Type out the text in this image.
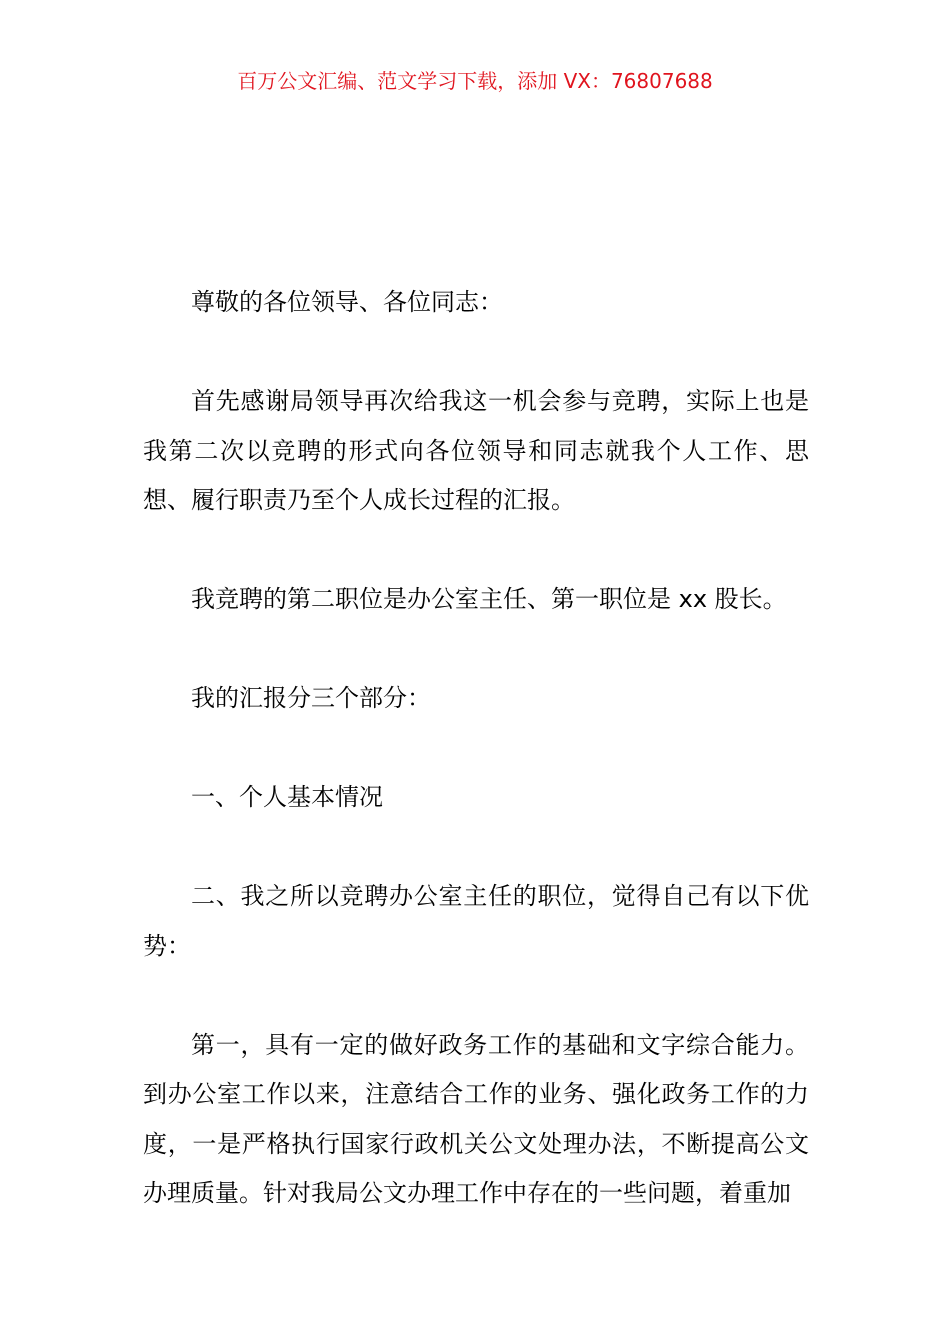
百万公文汇编、范文学习下载，添加 VX：76807688

尊敬的各位领导、各位同志：

首先感谢局领导再次给我这一机会参与竞聘，实际上也是我第二次以竞聘的形式向各位领导和同志就我个人工作、思想、履行职责乃至个人成长过程的汇报。

我竞聘的第二职位是办公室主任、第一职位是 xx 股长。

我的汇报分三个部分：

一、个人基本情况

二、我之所以竞聘办公室主任的职位，觉得自己有以下优势：

第一，具有一定的做好政务工作的基础和文字综合能力。到办公室工作以来，注意结合工作的业务、强化政务工作的力度，一是严格执行国家行政机关公文处理办法，不断提高公文办理质量。针对我局公文办理工作中存在的一些问题，着重加
